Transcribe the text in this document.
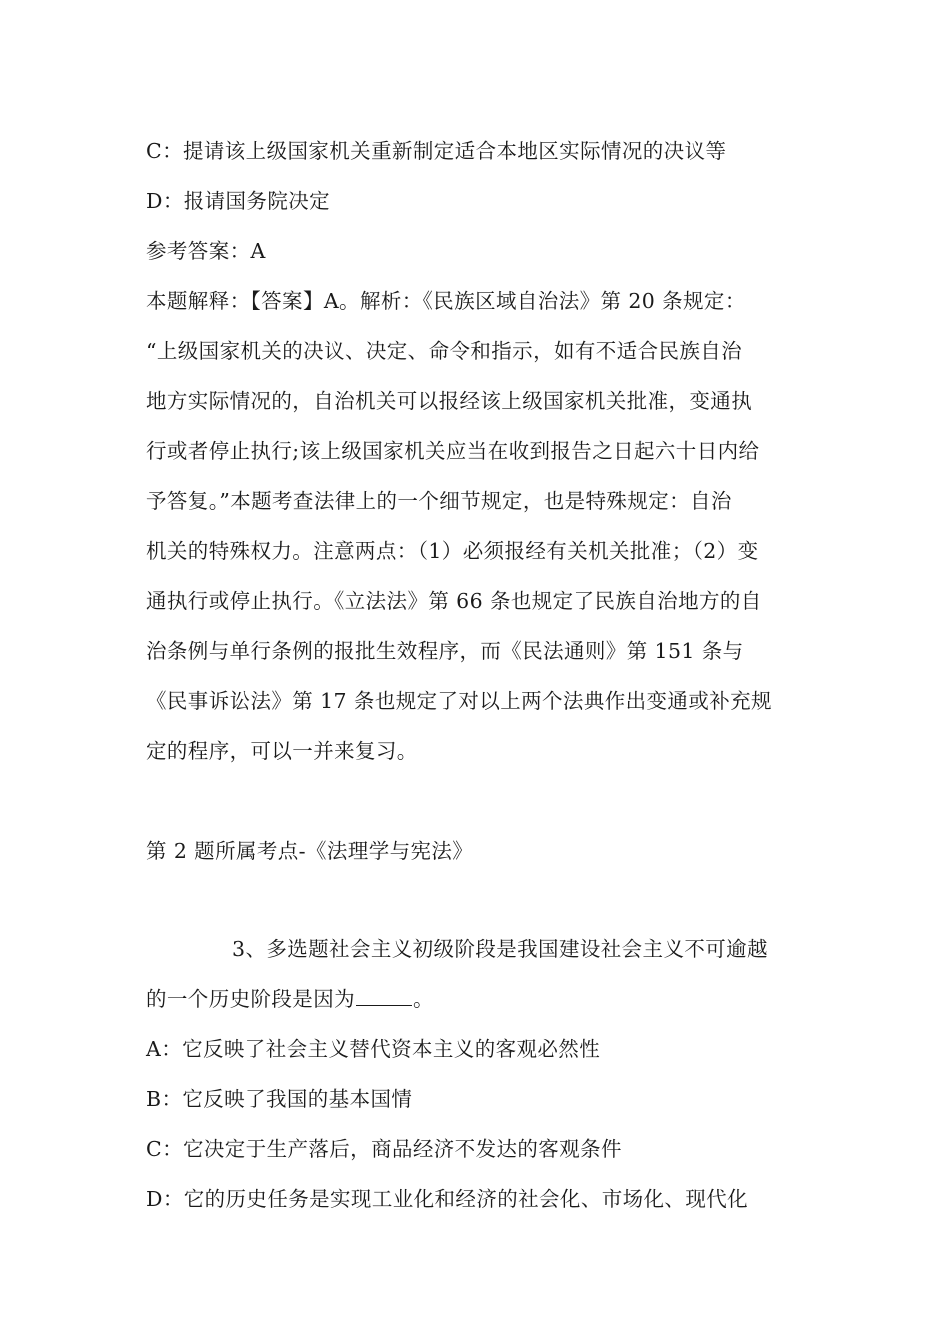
C：提请该上级国家机关重新制定适合本地区实际情况的决议等
D：报请国务院决定
参考答案：A
本题解释：【答案】A。解析：《民族区域自治法》第 20 条规定：
“上级国家机关的决议、决定、命令和指示，如有不适合民族自治
地方实际情况的，自治机关可以报经该上级国家机关批准，变通执
行或者停止执行;该上级国家机关应当在收到报告之日起六十日内给
予答复。”本题考查法律上的一个细节规定，也是特殊规定：自治
机关的特殊权力。注意两点：（1）必须报经有关机关批准；（2）变
通执行或停止执行。《立法法》第 66 条也规定了民族自治地方的自
治条例与单行条例的报批生效程序，而《民法通则》第 151 条与
《民事诉讼法》第 17 条也规定了对以上两个法典作出变通或补充规
定的程序，可以一并来复习。
第 2 题所属考点-《法理学与宪法》
3、多选题社会主义初级阶段是我国建设社会主义不可逾越
的一个历史阶段是因为	。
A：它反映了社会主义替代资本主义的客观必然性
B：它反映了我国的基本国情
C：它决定于生产落后，商品经济不发达的客观条件
D：它的历史任务是实现工业化和经济的社会化、市场化、现代化
